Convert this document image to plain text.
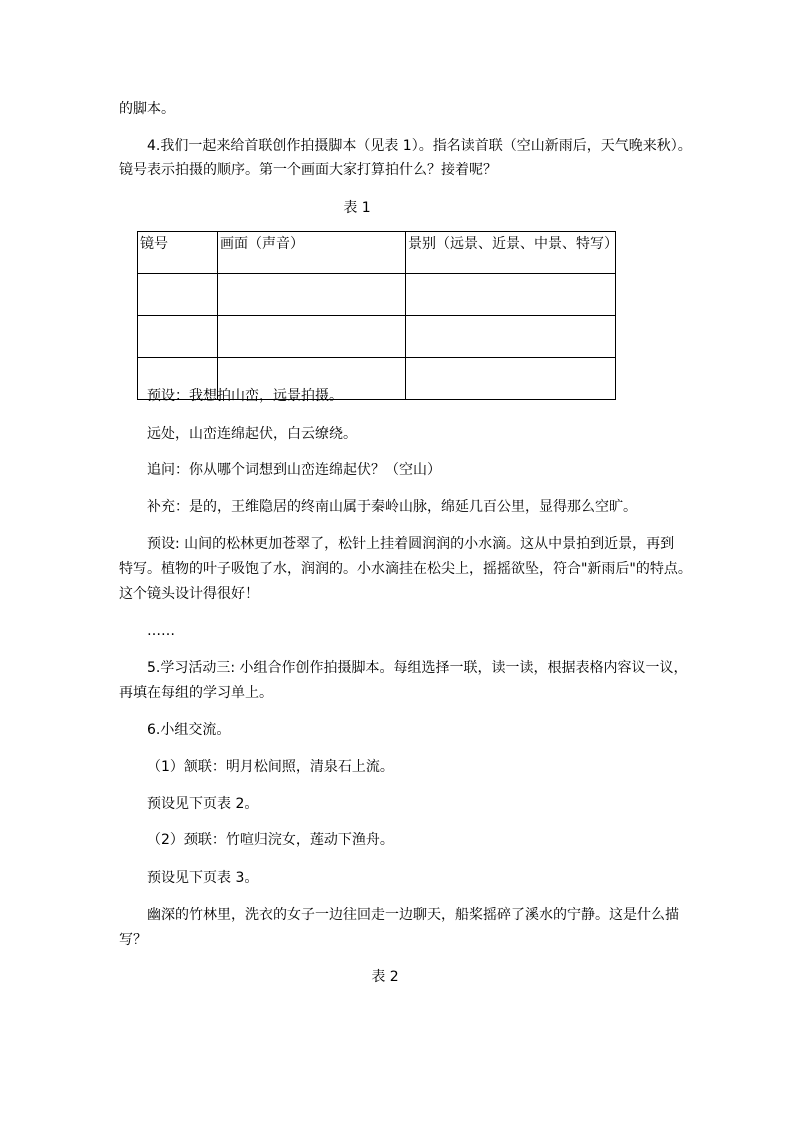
的脚本。
4.我们一起来给首联创作拍摄脚本（见表 1）。指名读首联（空山新雨后，天气晚来秋）。
镜号表示拍摄的顺序。第一个画面大家打算拍什么？接着呢？
表 1
镜号	画面（声音）	景别（远景、近景、中景、特写）

预设：我想拍山峦，远景拍摄。
远处，山峦连绵起伏，白云缭绕。
追问：你从哪个词想到山峦连绵起伏？（空山）
补充：是的，王维隐居的终南山属于秦岭山脉，绵延几百公里，显得那么空旷。
预设: 山间的松林更加苍翠了，松针上挂着圆润润的小水滴。这从中景拍到近景，再到
特写。植物的叶子吸饱了水，润润的。小水滴挂在松尖上，摇摇欲坠，符合"新雨后"的特点。
这个镜头设计得很好！
……
5.学习活动三: 小组合作创作拍摄脚本。每组选择一联，读一读，根据表格内容议一议，
再填在每组的学习单上。
6.小组交流。
（1）颔联：明月松间照，清泉石上流。
预设见下页表 2。
（2）颈联：竹喧归浣女，莲动下渔舟。
预设见下页表 3。
幽深的竹林里，洗衣的女子一边往回走一边聊天，船桨摇碎了溪水的宁静。这是什么描
写？
表 2
